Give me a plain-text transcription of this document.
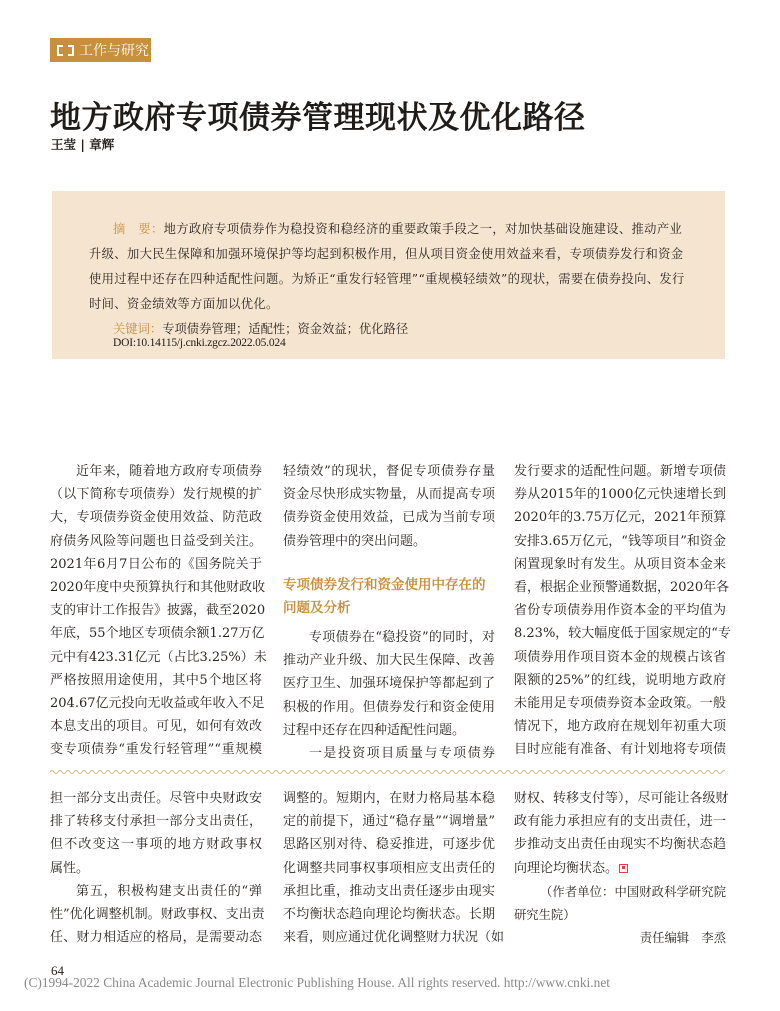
工作与研究
地方政府专项债券管理现状及优化路径
王莹 | 章辉
摘　要：地方政府专项债券作为稳投资和稳经济的重要政策手段之一，对加快基础设施建设、推动产业
升级、加大民生保障和加强环境保护等均起到积极作用，但从项目资金使用效益来看，专项债券发行和资金
使用过程中还存在四种适配性问题。为矫正“重发行轻管理”“重规模轻绩效”的现状，需要在债券投向、发行
时间、资金绩效等方面加以优化。
关键词：专项债券管理；适配性；资金效益；优化路径
DOI:10.14115/j.cnki.zgcz.2022.05.024
近年来，随着地方政府专项债券
（以下简称专项债券）发行规模的扩
大，专项债券资金使用效益、防范政
府债务风险等问题也日益受到关注。
2021年6月7日公布的《国务院关于
2020年度中央预算执行和其他财政收
支的审计工作报告》披露，截至2020
年底，55个地区专项债余额1.27万亿
元中有423.31亿元（占比3.25%）未
严格按照用途使用，其中5个地区将
204.67亿元投向无收益或年收入不足
本息支出的项目。可见，如何有效改
变专项债券“重发行轻管理”“重规模
轻绩效”的现状，督促专项债券存量
资金尽快形成实物量，从而提高专项
债券资金使用效益，已成为当前专项
债券管理中的突出问题。
专项债券发行和资金使用中存在的
问题及分析
专项债券在“稳投资”的同时，对
推动产业升级、加大民生保障、改善
医疗卫生、加强环境保护等都起到了
积极的作用。但债券发行和资金使用
过程中还存在四种适配性问题。
一是投资项目质量与专项债券
发行要求的适配性问题。新增专项债
券从2015年的1000亿元快速增长到
2020年的3.75万亿元，2021年预算
安排3.65万亿元，“钱等项目”和资金
闲置现象时有发生。从项目资本金来
看，根据企业预警通数据，2020年各
省份专项债券用作资本金的平均值为
8.23%，较大幅度低于国家规定的“专
项债券用作项目资本金的规模占该省
限额的25%”的红线，说明地方政府
未能用足专项债券资本金政策。一般
情况下，地方政府在规划年初重大项
目时应能有准备、有计划地将专项债
担一部分支出责任。尽管中央财政安
排了转移支付承担一部分支出责任，
但不改变这一事项的地方财政事权
属性。
第五，积极构建支出责任的“弹
性”优化调整机制。财政事权、支出责
任、财力相适应的格局，是需要动态
调整的。短期内，在财力格局基本稳
定的前提下，通过“稳存量”“调增量”
思路区别对待、稳妥推进，可逐步优
化调整共同事权事项相应支出责任的
承担比重，推动支出责任逐步由现实
不均衡状态趋向理论均衡状态。长期
来看，则应通过优化调整财力状况（如
财权、转移支付等），尽可能让各级财
政有能力承担应有的支出责任，进一
步推动支出责任由现实不均衡状态趋
向理论均衡状态。
（作者单位：中国财政科学研究院
研究生院）
责任编辑　李烝
64
(C)1994-2022 China Academic Journal Electronic Publishing House. All rights reserved. http://www.cnki.net
